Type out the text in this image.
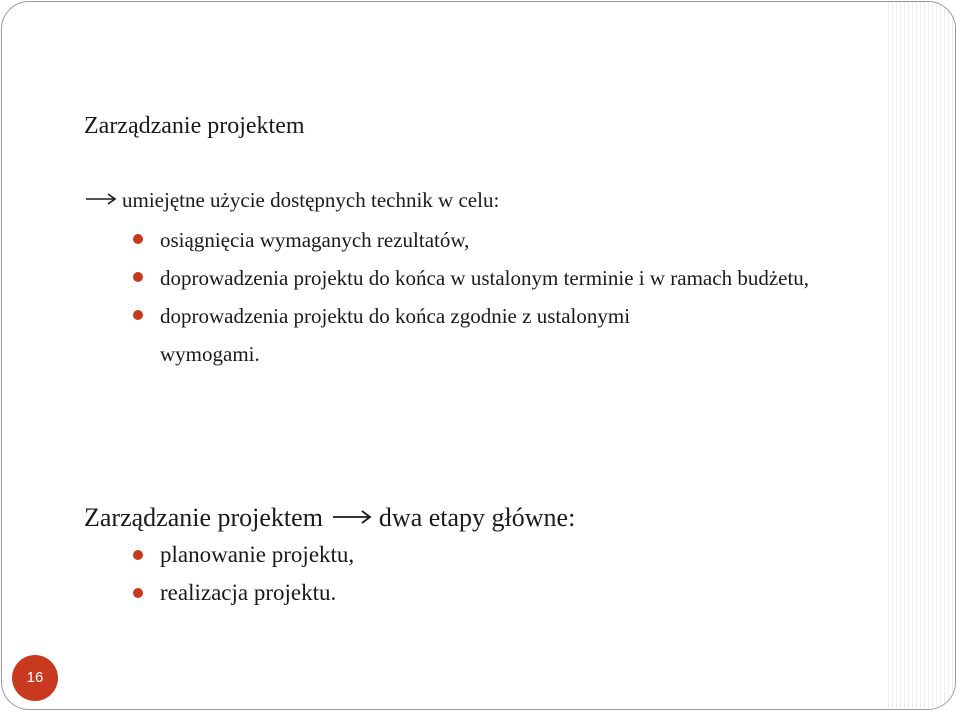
Zarządzanie projektem
umiejętne użycie dostępnych technik w celu:
osiągnięcia wymaganych rezultatów,
doprowadzenia projektu do końca w ustalonym terminie i w ramach budżetu,
doprowadzenia projektu do końca zgodnie z ustalonymi wymogami.
Zarządzanie projektem dwa etapy główne:
planowanie projektu,
realizacja projektu.
16
